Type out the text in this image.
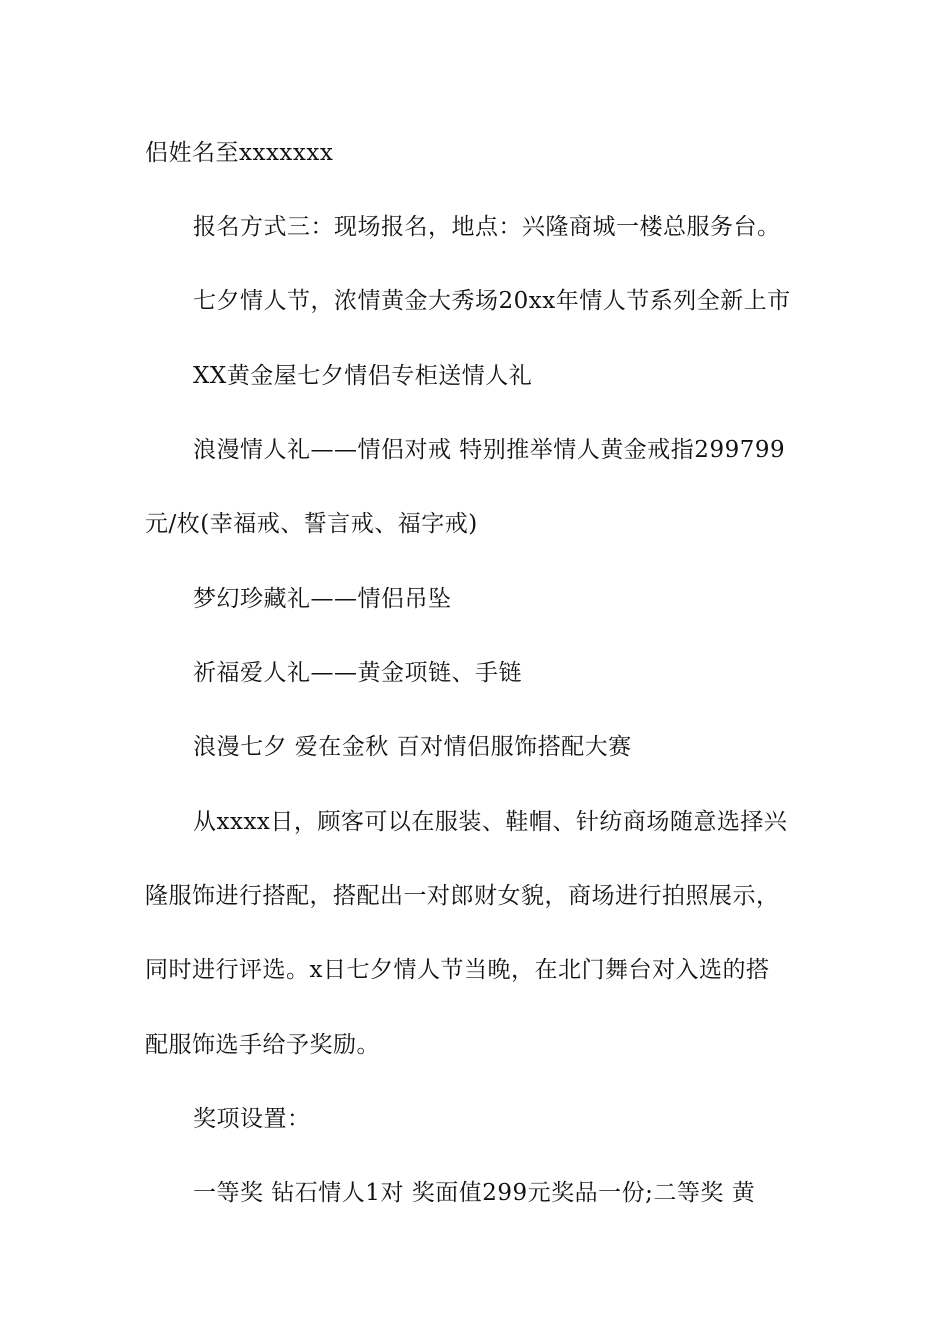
侣姓名至xxxxxxx
报名方式三：现场报名，地点：兴隆商城一楼总服务台。
七夕情人节，浓情黄金大秀场20xx年情人节系列全新上市
XX黄金屋七夕情侣专柜送情人礼
浪漫情人礼——情侣对戒 特别推举情人黄金戒指299799
元/枚(幸福戒、誓言戒、福字戒)
梦幻珍藏礼——情侣吊坠
祈福爱人礼——黄金项链、手链
浪漫七夕 爱在金秋 百对情侣服饰搭配大赛
从xxxx日，顾客可以在服装、鞋帽、针纺商场随意选择兴
隆服饰进行搭配，搭配出一对郎财女貌，商场进行拍照展示，
同时进行评选。x日七夕情人节当晚，在北门舞台对入选的搭
配服饰选手给予奖励。
奖项设置：
一等奖 钻石情人1对 奖面值299元奖品一份;二等奖 黄
